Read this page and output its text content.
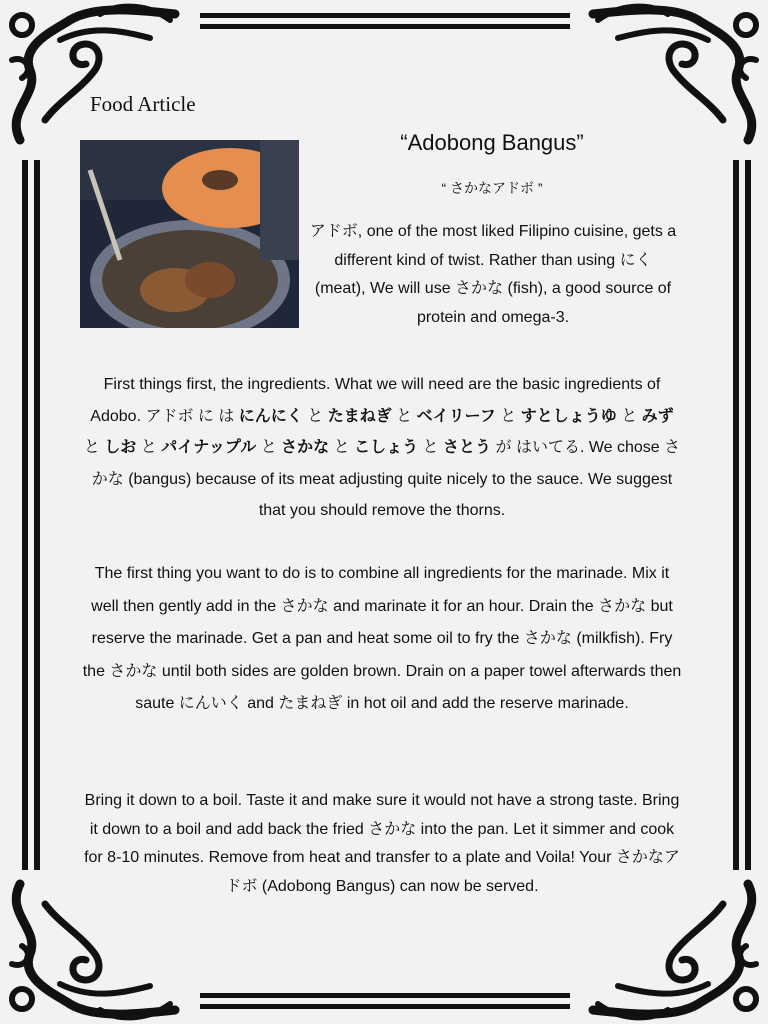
Food Article
“Adobong Bangus”
“ さかなアドボ ”
アドボ, one of the most liked Filipino cuisine, gets a different kind of twist. Rather than using にく (meat), We will use さかな (fish), a good source of protein and omega-3.

First things first, the ingredients. What we will need are the basic ingredients of Adobo. アドボ に は にんにく と たまねぎ と ベイリーフ と すとしょうゆ と みず と しお と パイナップル と さかな と こしょう と さとう が はいてる. We chose さかな (bangus) because of its meat adjusting quite nicely to the sauce. We suggest that you should remove the thorns.

The first thing you want to do is to combine all ingredients for the marinade. Mix it well then gently add in the さかな and marinate it for an hour. Drain the さかな but reserve the marinade. Get a pan and heat some oil to fry the さかな (milkfish). Fry the さかな until both sides are golden brown. Drain on a paper towel afterwards then saute にんいく and たまねぎ in hot oil and add the reserve marinade.

Bring it down to a boil. Taste it and make sure it would not have a strong taste. Bring it down to a boil and add back the fried さかな into the pan. Let it simmer and cook for 8-10 minutes. Remove from heat and transfer to a plate and Voila! Your さかなアドボ (Adobong Bangus) can now be served.
